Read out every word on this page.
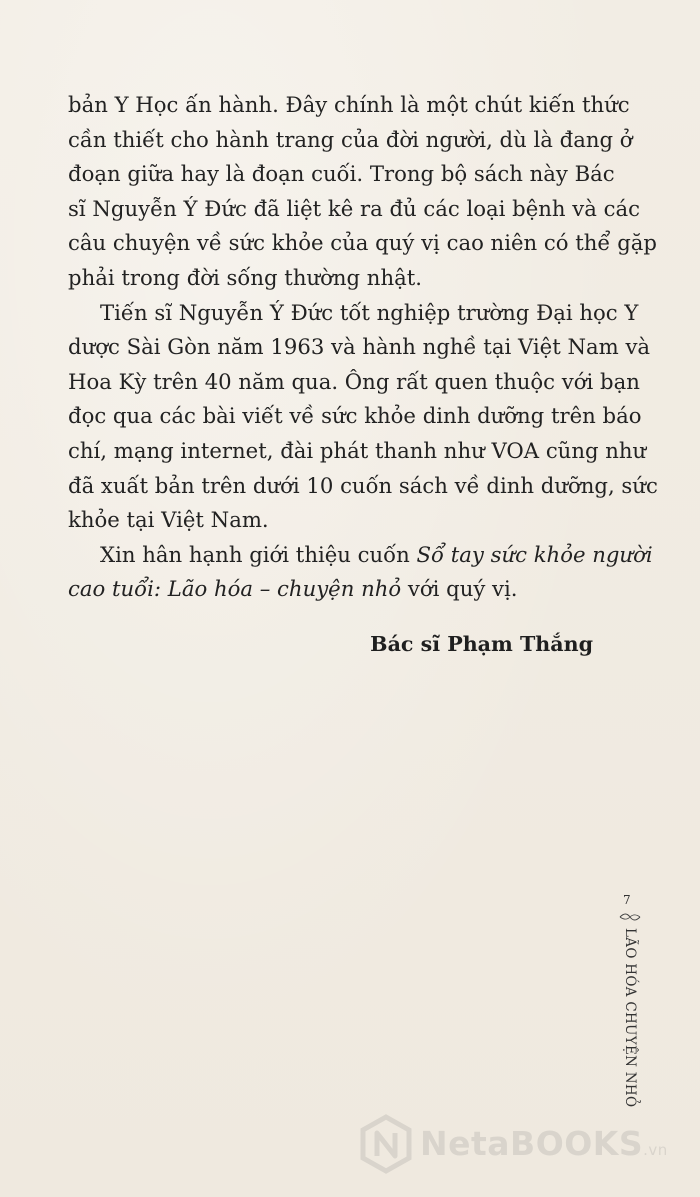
bản Y Học ấn hành. Đây chính là một chút kiến thức
cần thiết cho hành trang của đời người, dù là đang ở
đoạn giữa hay là đoạn cuối. Trong bộ sách này Bác
sĩ Nguyễn Ý Đức đã liệt kê ra đủ các loại bệnh và các
câu chuyện về sức khỏe của quý vị cao niên có thể gặp
phải trong đời sống thường nhật.
Tiến sĩ Nguyễn Ý Đức tốt nghiệp trường Đại học Y
dược Sài Gòn năm 1963 và hành nghề tại Việt Nam và
Hoa Kỳ trên 40 năm qua. Ông rất quen thuộc với bạn
đọc qua các bài viết về sức khỏe dinh dưỡng trên báo
chí, mạng internet, đài phát thanh như VOA cũng như
đã xuất bản trên dưới 10 cuốn sách về dinh dưỡng, sức
khỏe tại Việt Nam.
Xin hân hạnh giới thiệu cuốn Sổ tay sức khỏe người
cao tuổi: Lão hóa – chuyện nhỏ với quý vị.
Bác sĩ Phạm Thắng
7
LÃO HÓA CHUYỆN NHỎ
NetaBOOKS.vn
